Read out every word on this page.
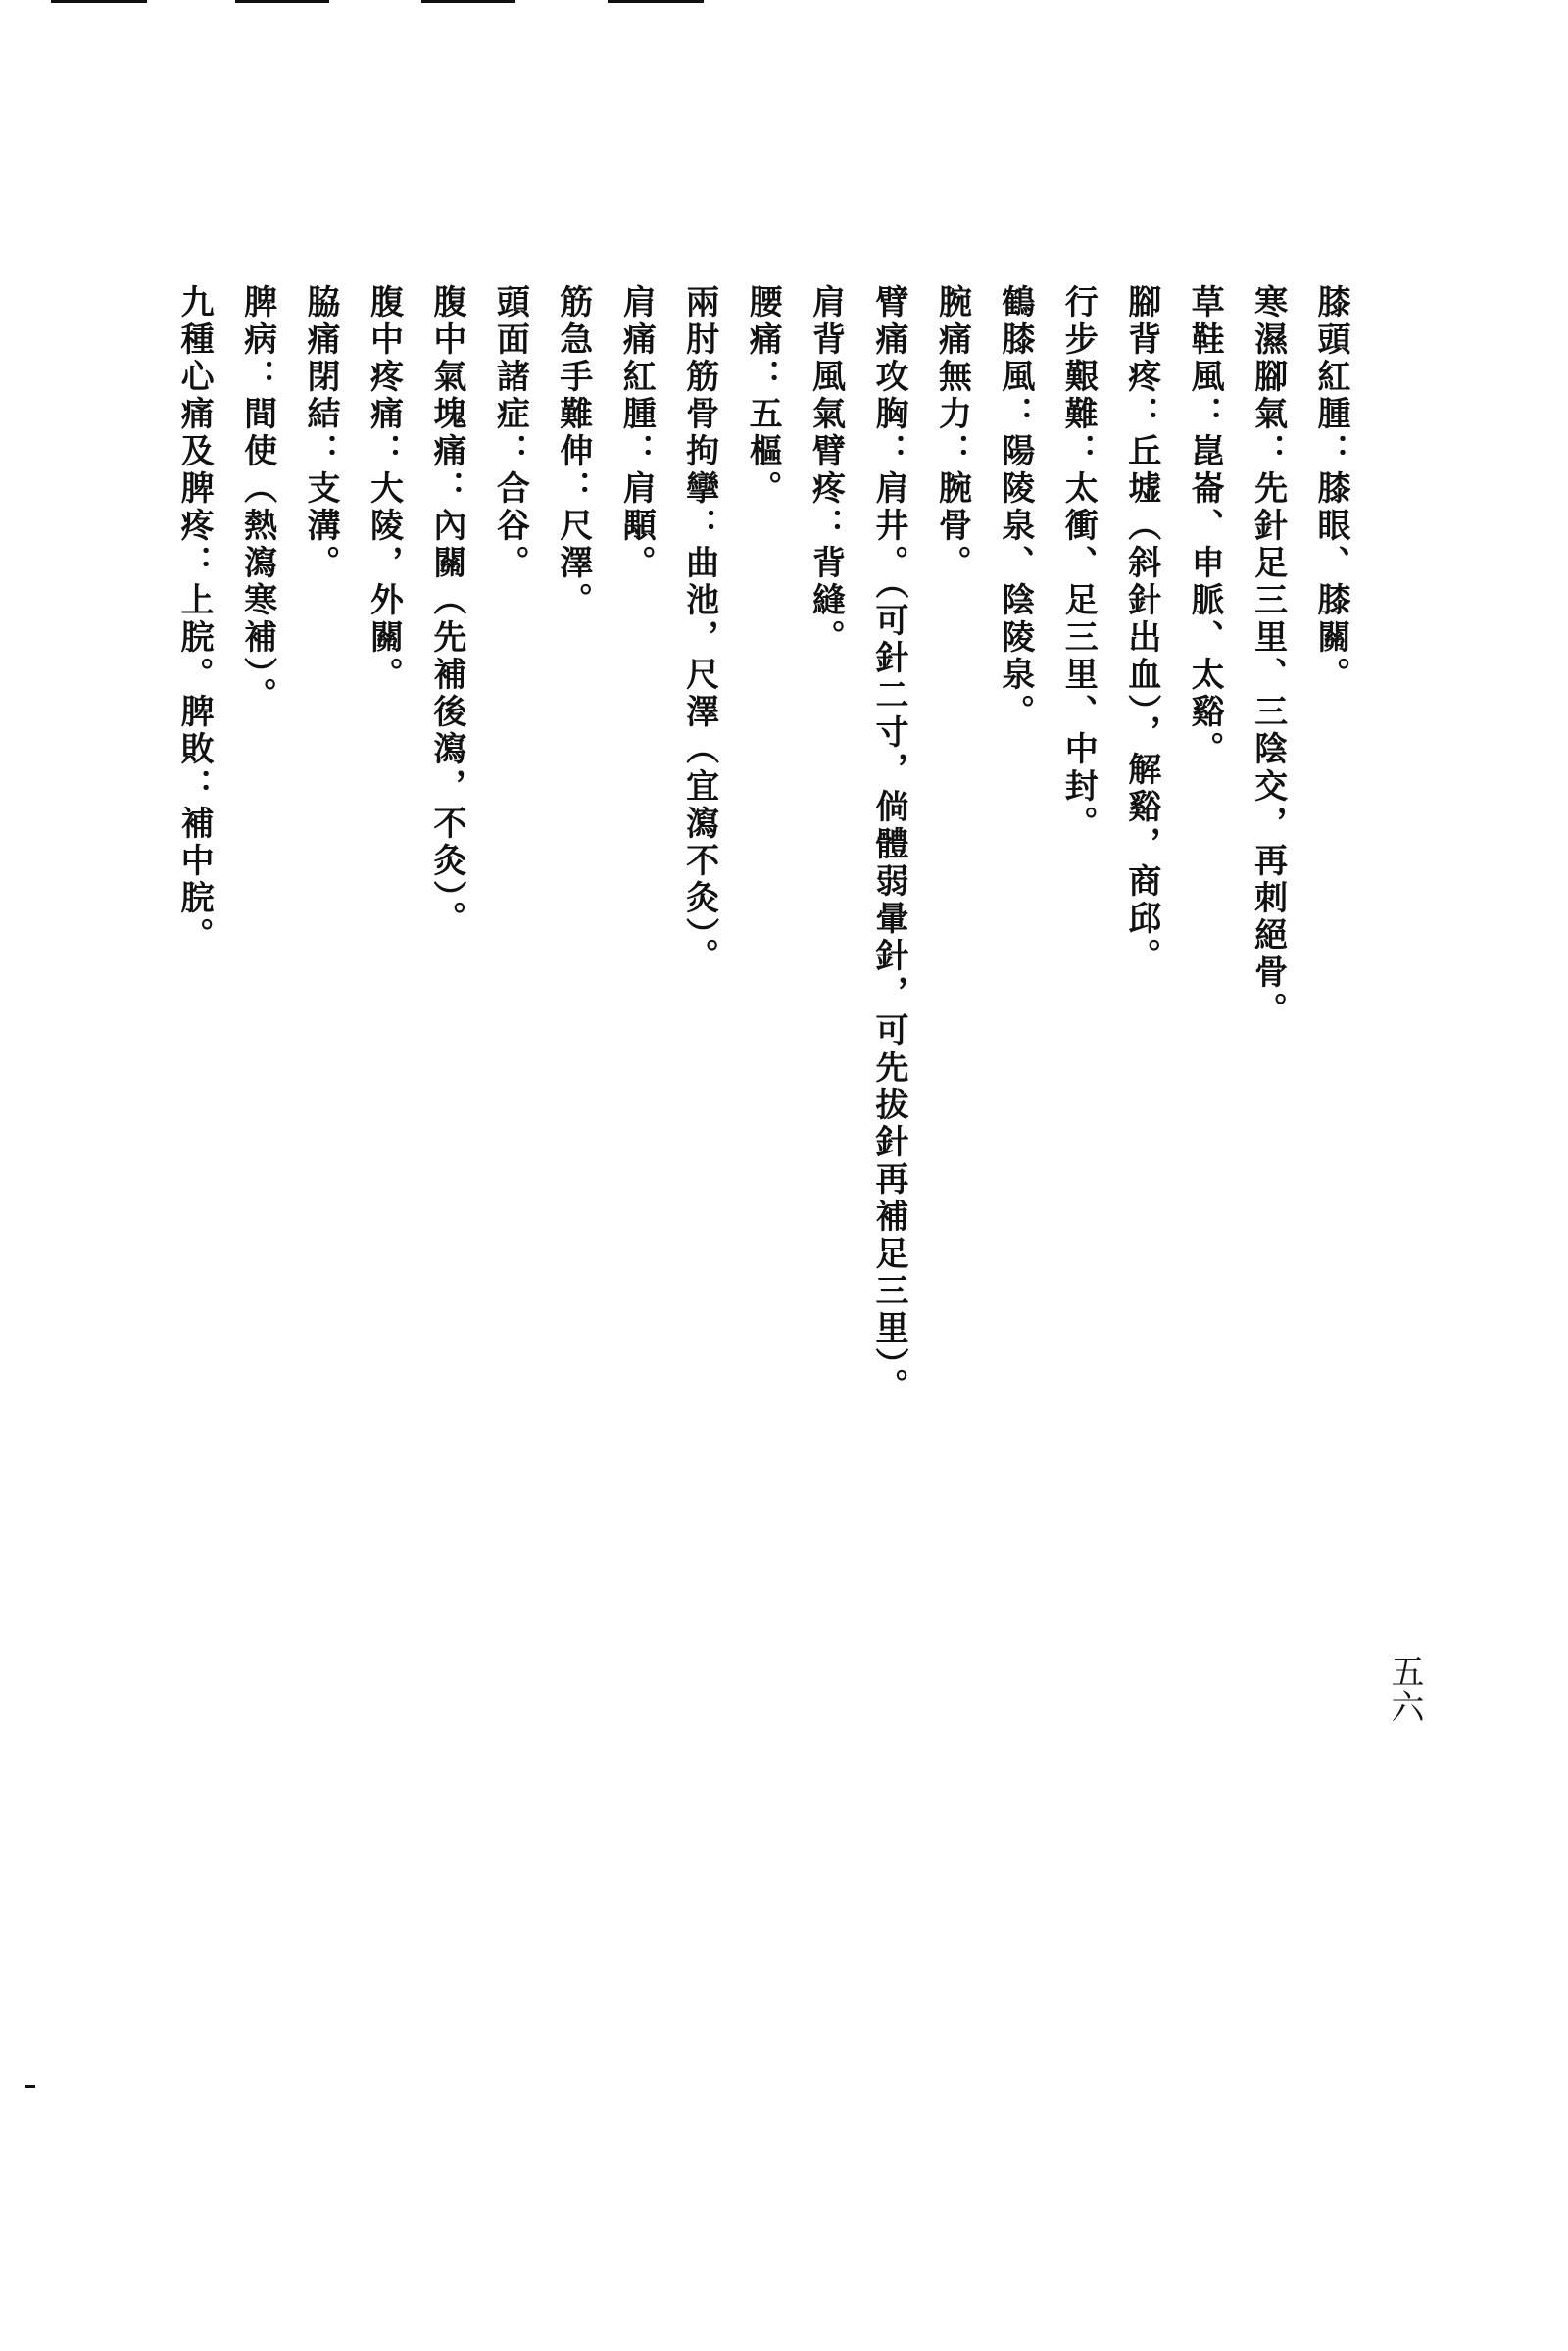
五六
膝頭紅腫：膝眼、膝關。
寒濕腳氣：先針足三里、三陰交，再刺絕骨。
草鞋風：崑崙、申脈、太谿。
腳背疼：丘墟（斜針出血），解谿，商邱。
行步艱難：太衝、足三里、中封。
鶴膝風：陽陵泉、陰陵泉。
腕痛無力：腕骨。
臂痛攻胸：肩井。（可針二寸，倘體弱暈針，可先拔針再補足三里）。
肩背風氣臂疼：背縫。
腰痛：五樞。
兩肘筋骨拘攣：曲池，尺澤（宜瀉不灸）。
肩痛紅腫：肩顒。
筋急手難伸：尺澤。
頭面諸症：合谷。
腹中氣塊痛：內關（先補後瀉，不灸）。
腹中疼痛：大陵，外關。
脇痛閉結：支溝。
脾病：間使（熱瀉寒補）。
九種心痛及脾疼：上脘。脾敗：補中脘。
